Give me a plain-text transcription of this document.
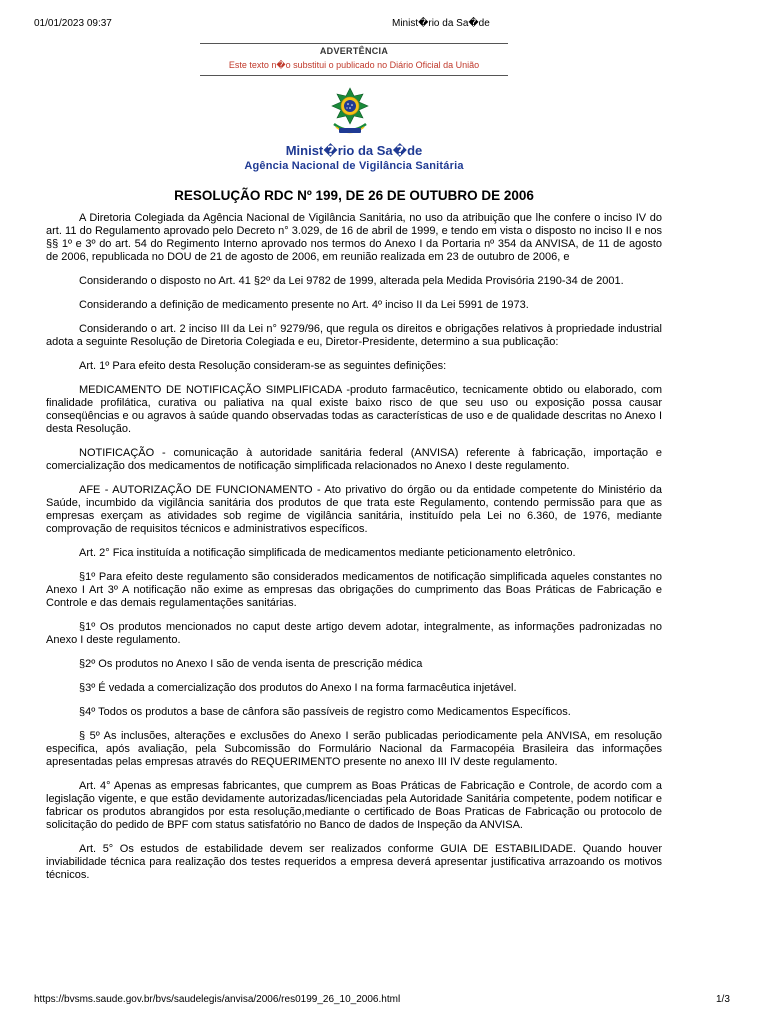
01/01/2023 09:37	Minist�rio da Sa�de
ADVERTÊNCIA
Este texto n�o substitui o publicado no Diário Oficial da União
Minist�rio da Sa�de
Agência Nacional de Vigilância Sanitária
RESOLUÇÃO RDC Nº 199, DE 26 DE OUTUBRO DE 2006

A Diretoria Colegiada da Agência Nacional de Vigilância Sanitária, no uso da atribuição que lhe confere o inciso IV do art. 11 do Regulamento aprovado pelo Decreto n° 3.029, de 16 de abril de 1999, e tendo em vista o disposto no inciso II e nos §§ 1º e 3º do art. 54 do Regimento Interno aprovado nos termos do Anexo I da Portaria nº 354 da ANVISA, de 11 de agosto de 2006, republicada no DOU de 21 de agosto de 2006, em reunião realizada em 23 de outubro de 2006, e

Considerando o disposto no Art. 41 §2º da Lei 9782 de 1999, alterada pela Medida Provisória 2190-34 de 2001.

Considerando a definição de medicamento presente no Art. 4º inciso II da Lei 5991 de 1973.

Considerando o art. 2 inciso III da Lei n° 9279/96, que regula os direitos e obrigações relativos à propriedade industrial adota a seguinte Resolução de Diretoria Colegiada e eu, Diretor-Presidente, determino a sua publicação:

Art. 1º Para efeito desta Resolução consideram-se as seguintes definições:

MEDICAMENTO DE NOTIFICAÇÃO SIMPLIFICADA -produto farmacêutico, tecnicamente obtido ou elaborado, com finalidade profilática, curativa ou paliativa na qual existe baixo risco de que seu uso ou exposição possa causar conseqüências e ou agravos à saúde quando observadas todas as características de uso e de qualidade descritas no Anexo I desta Resolução.

NOTIFICAÇÃO - comunicação à autoridade sanitária federal (ANVISA) referente à fabricação, importação e comercialização dos medicamentos de notificação simplificada relacionados no Anexo I deste regulamento.

AFE - AUTORIZAÇÃO DE FUNCIONAMENTO - Ato privativo do órgão ou da entidade competente do Ministério da Saúde, incumbido da vigilância sanitária dos produtos de que trata este Regulamento, contendo permissão para que as empresas exerçam as atividades sob regime de vigilância sanitária, instituído pela Lei no 6.360, de 1976, mediante comprovação de requisitos técnicos e administrativos específicos.

Art. 2° Fica instituída a notificação simplificada de medicamentos mediante peticionamento eletrônico.

§1º Para efeito deste regulamento são considerados medicamentos de notificação simplificada aqueles constantes no Anexo I Art 3º A notificação não exime as empresas das obrigações do cumprimento das Boas Práticas de Fabricação e Controle e das demais regulamentações sanitárias.

§1º Os produtos mencionados no caput deste artigo devem adotar, integralmente, as informações padronizadas no Anexo I deste regulamento.

§2º Os produtos no Anexo I são de venda isenta de prescrição médica

§3º É vedada a comercialização dos produtos do Anexo I na forma farmacêutica injetável.

§4º Todos os produtos a base de cânfora são passíveis de registro como Medicamentos Específicos.

§ 5º As inclusões, alterações e exclusões do Anexo I serão publicadas periodicamente pela ANVISA, em resolução especifica, após avaliação, pela Subcomissão do Formulário Nacional da Farmacopéia Brasileira das informações apresentadas pelas empresas através do REQUERIMENTO presente no anexo III IV deste regulamento.

Art. 4° Apenas as empresas fabricantes, que cumprem as Boas Práticas de Fabricação e Controle, de acordo com a legislação vigente, e que estão devidamente autorizadas/licenciadas pela Autoridade Sanitária competente, podem notificar e fabricar os produtos abrangidos por esta resolução,mediante o certificado de Boas Praticas de Fabricação ou protocolo de solicitação do pedido de BPF com status satisfatório no Banco de dados de Inspeção da ANVISA.

Art. 5° Os estudos de estabilidade devem ser realizados conforme GUIA DE ESTABILIDADE. Quando houver inviabilidade técnica para realização dos testes requeridos a empresa deverá apresentar justificativa arrazoando os motivos técnicos.

https://bvsms.saude.gov.br/bvs/saudelegis/anvisa/2006/res0199_26_10_2006.html	1/3
